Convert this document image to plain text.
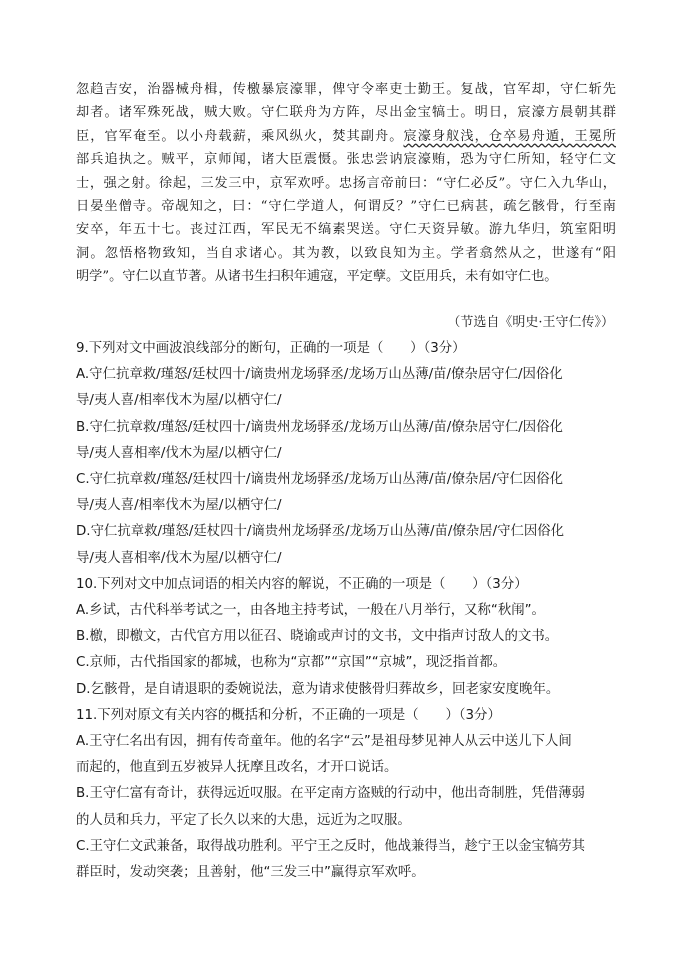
忽趋吉安，治器械舟楫，传檄暴宸濠罪，俾守令率吏士勤王。复战，官军却，守仁斩先

却者。诸军殊死战，贼大败。守仁联舟为方阵，尽出金宝犒士。明日，宸濠方晨朝其群

臣，官军奄至。以小舟载薪，乘风纵火，焚其副舟。宸濠身舣浅，仓卒易舟遁，王冕所

部兵追执之。贼平，京师闻，诸大臣震慑。张忠尝讷宸濠贿，恐为守仁所知，轻守仁文

士，强之射。徐起，三发三中，京军欢呼。忠扬言帝前曰：“守仁必反”。守仁入九华山，

日晏坐僧寺。帝觇知之，曰：“守仁学道人，何谓反？”守仁已病甚，疏乞骸骨，行至南

安卒，年五十七。丧过江西，军民无不缟素哭送。守仁天资异敏。游九华归，筑室阳明

洞。忽悟格物致知，当自求诸心。其为教，以致良知为主。学者翕然从之，世遂有“阳

明学”。守仁以直节著。从诸书生扫积年逋寇，平定孽。文臣用兵，未有如守仁也。

（节选自《明史·王守仁传》）

9.下列对文中画波浪线部分的断句，正确的一项是（　　）（3分）

A.守仁抗章救/瑾怒/廷杖四十/谪贵州龙场驿丞/龙场万山丛薄/苗/僚杂居守仁/因俗化

导/夷人喜/相率伐木为屋/以栖守仁/

B.守仁抗章救/瑾怒/廷杖四十/谪贵州龙场驿丞/龙场万山丛薄/苗/僚杂居守仁/因俗化

导/夷人喜相率/伐木为屋/以栖守仁/

C.守仁抗章救/瑾怒/廷杖四十/谪贵州龙场驿丞/龙场万山丛薄/苗/僚杂居/守仁因俗化

导/夷人喜/相率伐木为屋/以栖守仁/

D.守仁抗章救/瑾怒/廷杖四十/谪贵州龙场驿丞/龙场万山丛薄/苗/僚杂居/守仁因俗化

导/夷人喜相率/伐木为屋/以栖守仁/

10.下列对文中加点词语的相关内容的解说，不正确的一项是（　　）（3分）

A.乡试，古代科举考试之一，由各地主持考试，一般在八月举行，又称“秋闱”。

B.檄，即檄文，古代官方用以征召、晓谕或声讨的文书，文中指声讨敌人的文书。

C.京师，古代指国家的都城，也称为“京都”“京国”“京城”，现泛指首都。

D.乞骸骨，是自请退职的委婉说法，意为请求使骸骨归葬故乡，回老家安度晚年。

11.下列对原文有关内容的概括和分析，不正确的一项是（　　）（3分）

A.王守仁名出有因，拥有传奇童年。他的名字“云”是祖母梦见神人从云中送儿下人间

而起的，他直到五岁被异人抚摩且改名，才开口说话。

B.王守仁富有奇计，获得远近叹服。在平定南方盗贼的行动中，他出奇制胜，凭借薄弱

的人员和兵力，平定了长久以来的大患，远近为之叹服。

C.王守仁文武兼备，取得战功胜利。平宁王之反时，他战兼得当，趁宁王以金宝犒劳其

群臣时，发动突袭；且善射，他“三发三中”赢得京军欢呼。
